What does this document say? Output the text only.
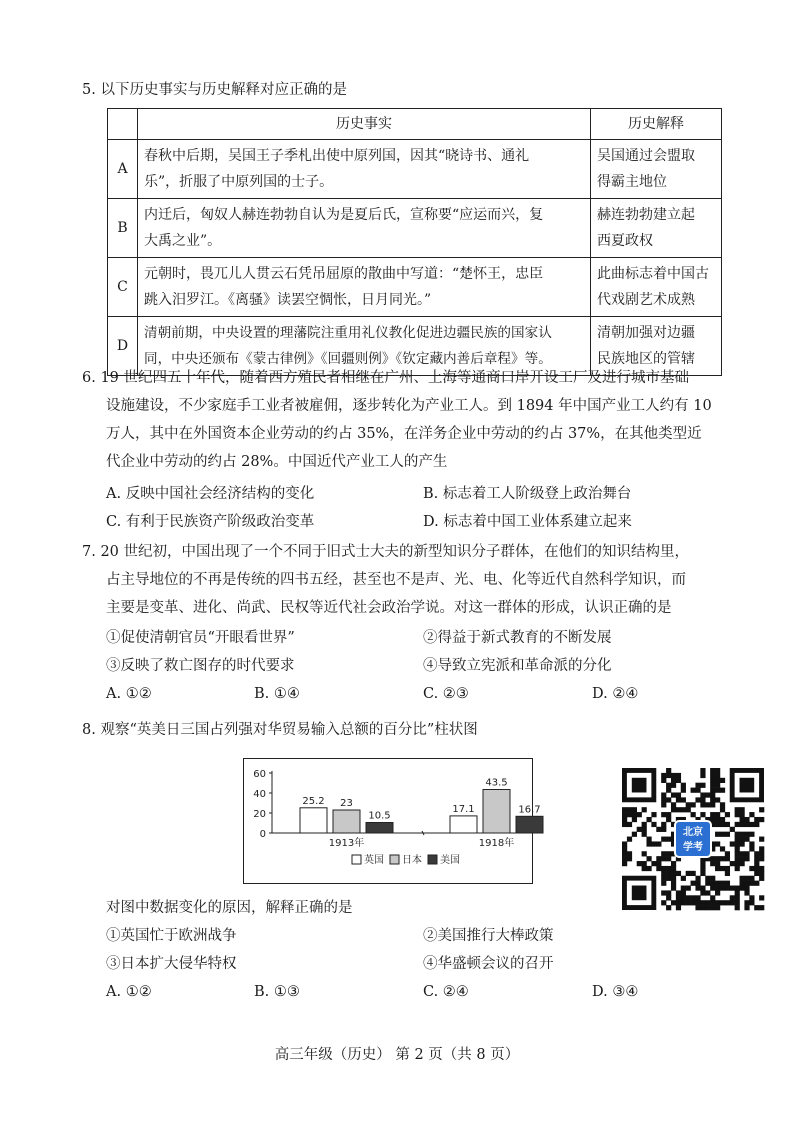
5. 以下历史事实与历史解释对应正确的是
	历史事实	历史解释
A	春秋中后期，吴国王子季札出使中原列国，因其“晓诗书、通礼
乐”，折服了中原列国的士子。	吴国通过会盟取
得霸主地位
B	内迁后，匈奴人赫连勃勃自认为是夏后氏，宣称要“应运而兴，复
大禹之业”。	赫连勃勃建立起
西夏政权
C	元朝时，畏兀儿人贯云石凭吊屈原的散曲中写道：“楚怀王，忠臣
跳入汨罗江。《离骚》读罢空惆怅，日月同光。”	此曲标志着中国古
代戏剧艺术成熟
D	清朝前期，中央设置的理藩院注重用礼仪教化促进边疆民族的国家认
同，中央还颁布《蒙古律例》《回疆则例》《钦定藏内善后章程》等。	清朝加强对边疆
民族地区的管辖
6. 19 世纪四五十年代，随着西方殖民者相继在广州、上海等通商口岸开设工厂及进行城市基础
设施建设，不少家庭手工业者被雇佣，逐步转化为产业工人。到 1894 年中国产业工人约有 10
万人，其中在外国资本企业劳动的约占 35%，在洋务企业中劳动的约占 37%，在其他类型近
代企业中劳动的约占 28%。中国近代产业工人的产生
A. 反映中国社会经济结构的变化	B. 标志着工人阶级登上政治舞台
C. 有利于民族资产阶级政治变革	D. 标志着中国工业体系建立起来
7. 20 世纪初，中国出现了一个不同于旧式士大夫的新型知识分子群体，在他们的知识结构里，
占主导地位的不再是传统的四书五经，甚至也不是声、光、电、化等近代自然科学知识，而
主要是变革、进化、尚武、民权等近代社会政治学说。对这一群体的形成，认识正确的是
①促使清朝官员“开眼看世界”	②得益于新式教育的不断发展
③反映了救亡图存的时代要求	④导致立宪派和革命派的分化
A. ①②	B. ①④	C. ②③	D. ②④
8. 观察“英美日三国占列强对华贸易输入总额的百分比”柱状图
60
40
20
0
25.2 23
10.5
1913年
17.1
43.5
16.7
1918年
英国 日本 美国
北京
学考
对图中数据变化的原因，解释正确的是
①英国忙于欧洲战争	②美国推行大棒政策
③日本扩大侵华特权	④华盛顿会议的召开
A. ①②	B. ①③	C. ②④	D. ③④
高三年级（历史） 第 2 页（共 8 页）
